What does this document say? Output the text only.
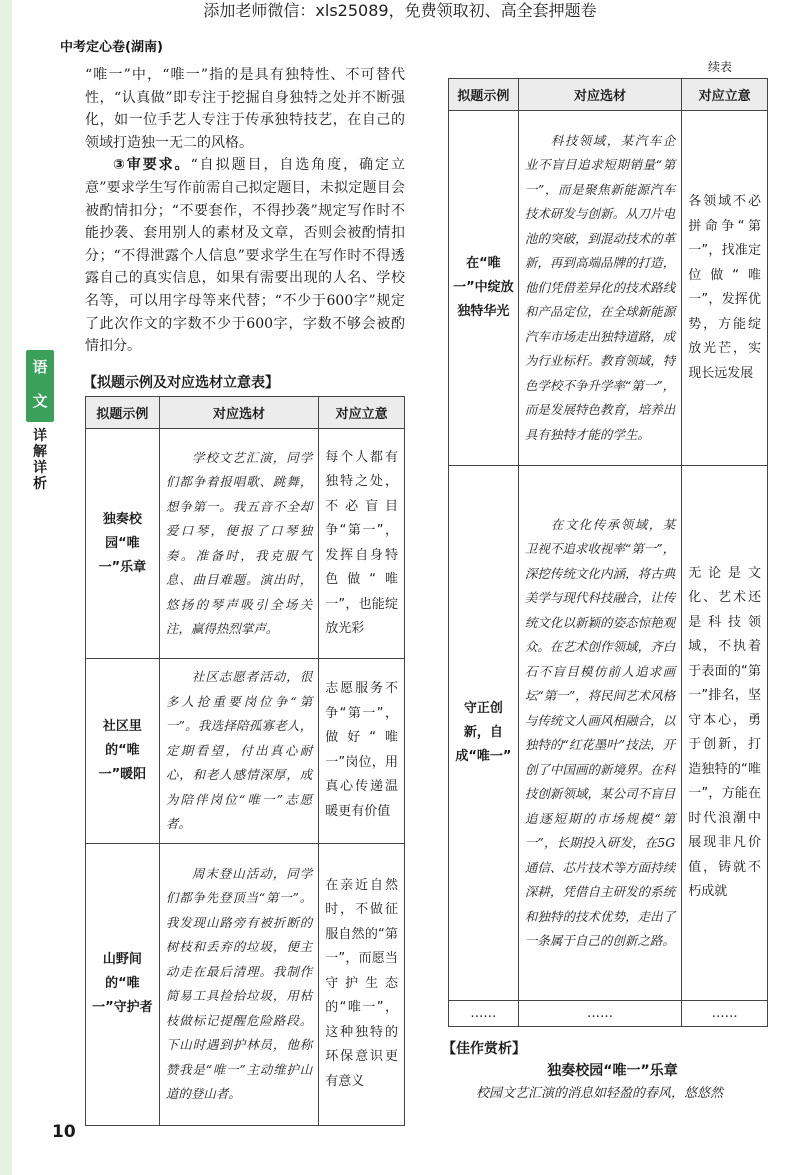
添加老师微信：xls25089，免费领取初、高全套押题卷
中考定心卷(湖南)
语
文
详
解
详
析

“唯一”中，“唯一”指的是具有独特性、不可替代性，“认真做”即专注于挖掘自身独特之处并不断强化，如一位手艺人专注于传承独特技艺，在自己的领域打造独一无二的风格。

③审要求。“自拟题目，自选角度，确定立意”要求学生写作前需自己拟定题目，未拟定题目会被酌情扣分；“不要套作，不得抄袭”规定写作时不能抄袭、套用别人的素材及文章，否则会被酌情扣分；“不得泄露个人信息”要求学生在写作时不得透露自己的真实信息，如果有需要出现的人名、学校名等，可以用字母等来代替；“不少于600字”规定了此次作文的字数不少于600字，字数不够会被酌情扣分。

【拟题示例及对应选材立意表】
拟题示例	对应选材	对应立意
独奏校园“唯一”乐章	学校文艺汇演，同学们都争着报唱歌、跳舞，想争第一。我五音不全却爱口琴，便报了口琴独奏。准备时，我克服气息、曲目难题。演出时，悠扬的琴声吸引全场关注，赢得热烈掌声。	每个人都有独特之处，不必盲目争“第一”，发挥自身特色做“唯一”，也能绽放光彩
社区里的“唯一”暖阳	社区志愿者活动，很多人抢重要岗位争“第一”。我选择陪孤寡老人，定期看望，付出真心耐心，和老人感情深厚，成为陪伴岗位“唯一”志愿者。	志愿服务不争“第一”，做好“唯一”岗位，用真心传递温暖更有价值
山野间的“唯一”守护者	周末登山活动，同学们都争先登顶当“第一”。我发现山路旁有被折断的树枝和丢弃的垃圾，便主动走在最后清理。我制作简易工具捡拾垃圾，用枯枝做标记提醒危险路段。下山时遇到护林员，他称赞我是“唯一”主动维护山道的登山者。	在亲近自然时，不做征服自然的“第一”，而愿当守护生态的“唯一”，这种独特的环保意识更有意义
续表
拟题示例	对应选材	对应立意
在“唯一”中绽放独特华光	科技领域，某汽车企业不盲目追求短期销量“第一”，而是聚焦新能源汽车技术研发与创新。从刀片电池的突破，到混动技术的革新，再到高端品牌的打造，他们凭借差异化的技术路线和产品定位，在全球新能源汽车市场走出独特道路，成为行业标杆。教育领域，特色学校不争升学率“第一”，而是发展特色教育，培养出具有独特才能的学生。	各领域不必拼命争“第一”，找准定位做“唯一”，发挥优势，方能绽放光芒，实现长远发展
守正创新，自成“唯一”	在文化传承领域，某卫视不追求收视率“第一”，深挖传统文化内涵，将古典美学与现代科技融合，让传统文化以新颖的姿态惊艳观众。在艺术创作领域，齐白石不盲目模仿前人追求画坛“第一”，将民间艺术风格与传统文人画风相融合，以独特的“红花墨叶”技法，开创了中国画的新境界。在科技创新领域，某公司不盲目追逐短期的市场规模“第一”，长期投入研发，在5G通信、芯片技术等方面持续深耕，凭借自主研发的系统和独特的技术优势，走出了一条属于自己的创新之路。	无论是文化、艺术还是科技领域，不执着于表面的“第一”排名，坚守本心，勇于创新，打造独特的“唯一”，方能在时代浪潮中展现非凡价值，铸就不朽成就
……	……	……
【佳作赏析】
独奏校园“唯一”乐章
校园文艺汇演的消息如轻盈的春风，悠悠然
10
